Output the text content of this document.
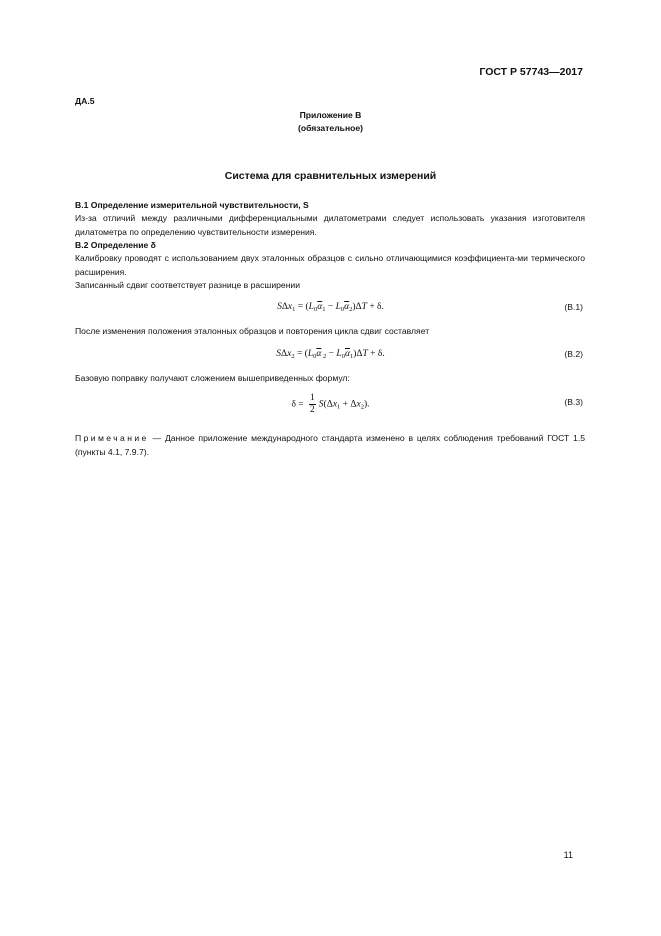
ГОСТ Р 57743—2017
ДА.5
Приложение В
(обязательное)
Система для сравнительных измерений
В.1 Определение измерительной чувствительности, S
Из-за отличий между различными дифференциальными дилатометрами следует использовать указания изготовителя дилатометра по определению чувствительности измерения.
В.2 Определение δ
Калибровку проводят с использованием двух эталонных образцов с сильно отличающимися коэффициента-ми термического расширения.
Записанный сдвиг соответствует разнице в расширении
$S\Delta x_1 = (L_0\overline{\alpha}_1 - L_0\overline{\alpha}_2)\Delta T + \delta$.	(В.1)
После изменения положения эталонных образцов и повторения цикла сдвиг составляет
$S\Delta x_2 = (L_0\overline{\alpha}$ $_2 - L_0\overline{\alpha}_1)\Delta T + \delta$.	(В.2)
Базовую поправку получают сложением вышеприведенных формул:
$\delta = \frac{1}{2} S(\Delta x_1 + \Delta x_2)$.	(В.3)
Примечание — Данное приложение международного стандарта изменено в целях соблюдения требований ГОСТ 1.5 (пункты 4.1, 7.9.7).
11
